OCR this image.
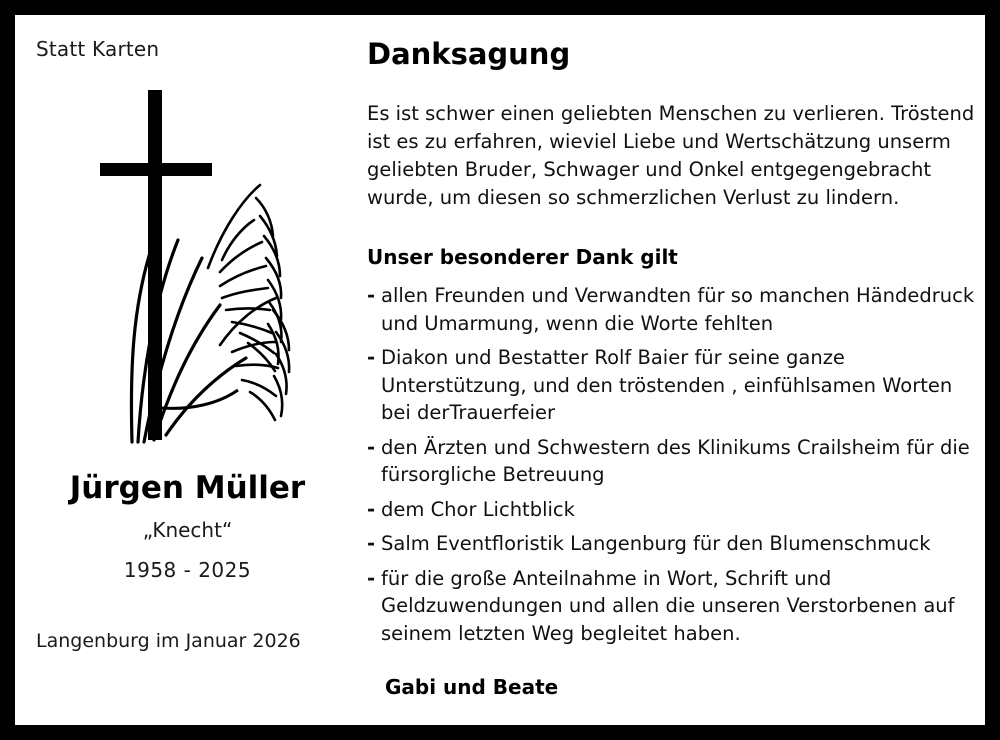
Statt Karten
Jürgen Müller
„Knecht“
1958 - 2025
Langenburg im Januar 2026
Danksagung
Es ist schwer einen geliebten Menschen zu verlieren. Tröstend ist es zu erfahren, wieviel Liebe und Wertschätzung unserm geliebten Bruder, Schwager und Onkel entgegengebracht wurde, um diesen so schmerzlichen Verlust zu lindern.
Unser besonderer Dank gilt
- allen Freunden und Verwandten für so manchen Händedruck und Umarmung, wenn die Worte fehlten
- Diakon und Bestatter Rolf Baier für seine ganze Unterstützung, und den tröstenden , einfühlsamen Worten bei derTrauerfeier
- den Ärzten und Schwestern des Klinikums Crailsheim für die fürsorgliche Betreuung
- dem Chor Lichtblick
- Salm Eventfloristik Langenburg für den Blumenschmuck
- für die große Anteilnahme in Wort, Schrift und Geldzuwendungen und allen die unseren Verstorbenen auf seinem letzten Weg begleitet haben.
Gabi und Beate
